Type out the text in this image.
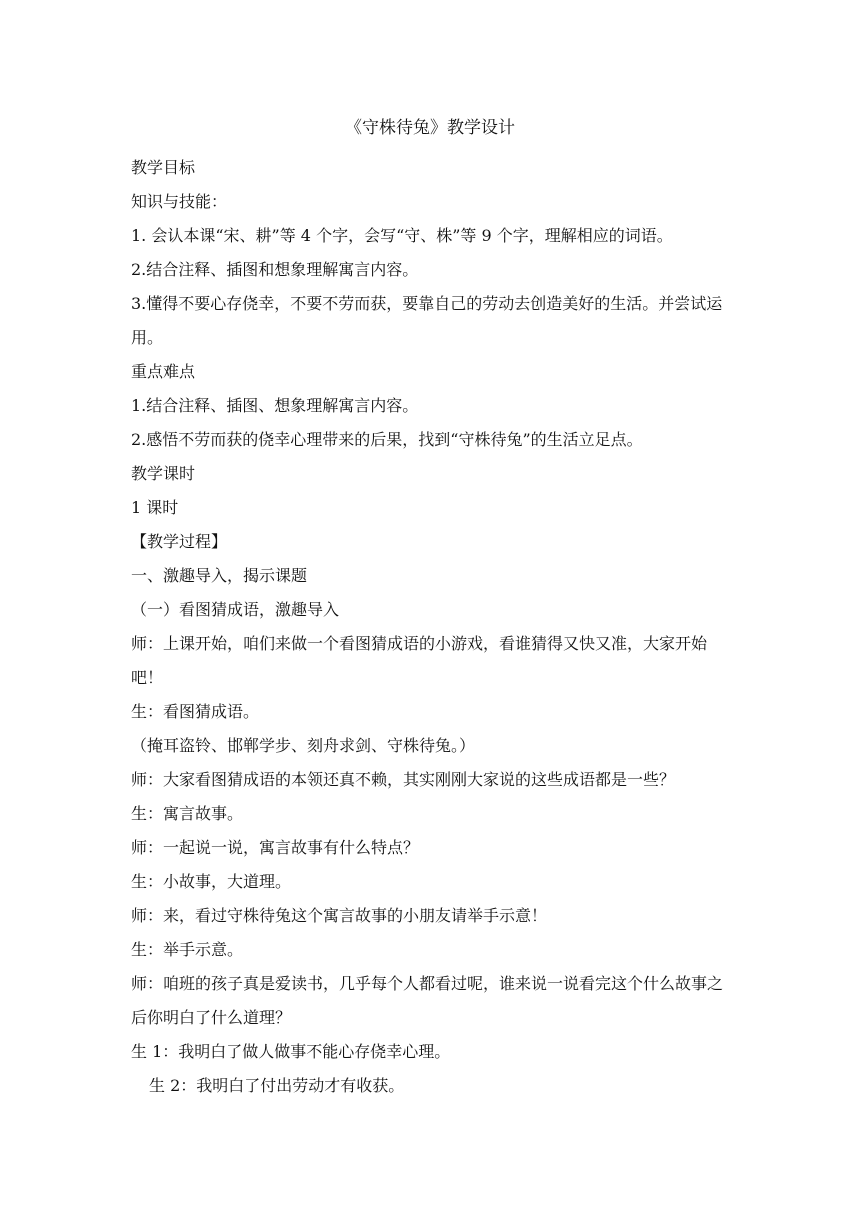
《守株待兔》教学设计

教学目标

知识与技能：

1. 会认本课“宋、耕”等 4 个字，会写“守、株”等 9 个字，理解相应的词语。

2.结合注释、插图和想象理解寓言内容。

3.懂得不要心存侥幸，不要不劳而获，要靠自己的劳动去创造美好的生活。并尝试运用。

重点难点

1.结合注释、插图、想象理解寓言内容。

2.感悟不劳而获的侥幸心理带来的后果，找到“守株待兔”的生活立足点。

教学课时

1 课时

【教学过程】

一、激趣导入，揭示课题

（一）看图猜成语，激趣导入

师：上课开始，咱们来做一个看图猜成语的小游戏，看谁猜得又快又准，大家开始吧！

生：看图猜成语。

（掩耳盗铃、邯郸学步、刻舟求剑、守株待兔。）

师：大家看图猜成语的本领还真不赖，其实刚刚大家说的这些成语都是一些？

生：寓言故事。

师：一起说一说，寓言故事有什么特点？

生：小故事，大道理。

师：来，看过守株待兔这个寓言故事的小朋友请举手示意！

生：举手示意。

师：咱班的孩子真是爱读书，几乎每个人都看过呢，谁来说一说看完这个什么故事之后你明白了什么道理？

生 1：我明白了做人做事不能心存侥幸心理。

生 2：我明白了付出劳动才有收获。
